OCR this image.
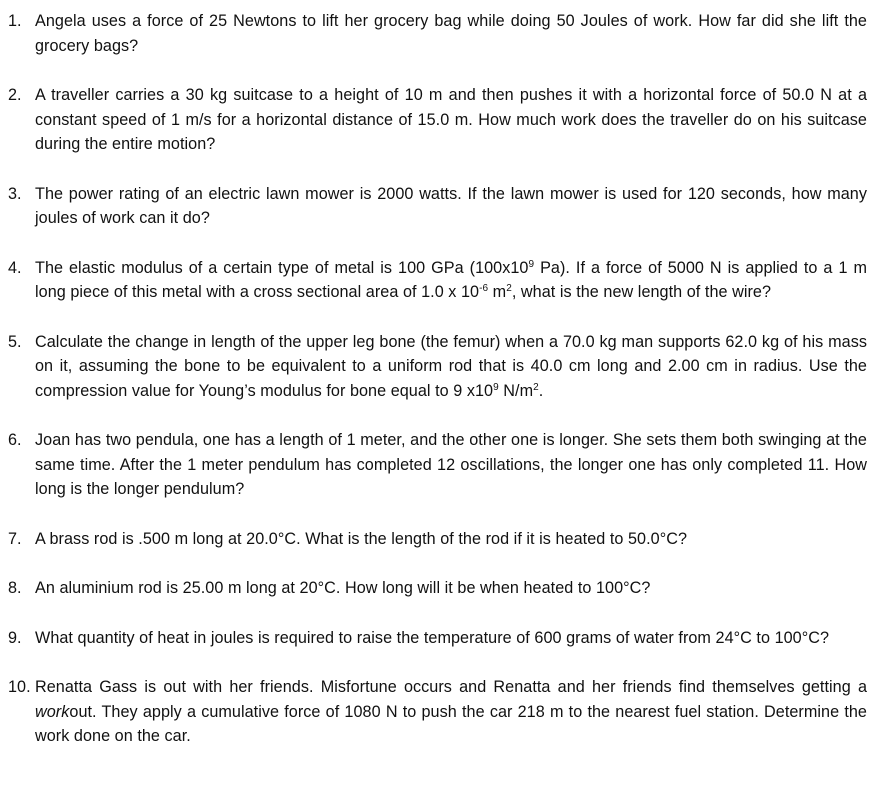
1. Angela uses a force of 25 Newtons to lift her grocery bag while doing 50 Joules of work. How far did she lift the grocery bags?
2. A traveller carries a 30 kg suitcase to a height of 10 m and then pushes it with a horizontal force of 50.0 N at a constant speed of 1 m/s for a horizontal distance of 15.0 m. How much work does the traveller do on his suitcase during the entire motion?
3. The power rating of an electric lawn mower is 2000 watts. If the lawn mower is used for 120 seconds, how many joules of work can it do?
4. The elastic modulus of a certain type of metal is 100 GPa ($100x10^9$ Pa). If a force of 5000 N is applied to a 1 m long piece of this metal with a cross sectional area of 1.0 x $10^{-6}$ $m^2$, what is the new length of the wire?
5. Calculate the change in length of the upper leg bone (the femur) when a 70.0 kg man supports 62.0 kg of his mass on it, assuming the bone to be equivalent to a uniform rod that is 40.0 cm long and 2.00 cm in radius. Use the compression value for Young’s modulus for bone equal to 9 $x10^9$ $N/m^2$.
6. Joan has two pendula, one has a length of 1 meter, and the other one is longer. She sets them both swinging at the same time. After the 1 meter pendulum has completed 12 oscillations, the longer one has only completed 11. How long is the longer pendulum?
7. A brass rod is .500 m long at 20.0°C. What is the length of the rod if it is heated to 50.0°C?
8. An aluminium rod is 25.00 m long at 20°C. How long will it be when heated to 100°C?
9. What quantity of heat in joules is required to raise the temperature of 600 grams of water from 24°C to 100°C?
10. Renatta Gass is out with her friends. Misfortune occurs and Renatta and her friends find themselves getting a workout. They apply a cumulative force of 1080 N to push the car 218 m to the nearest fuel station. Determine the work done on the car.
